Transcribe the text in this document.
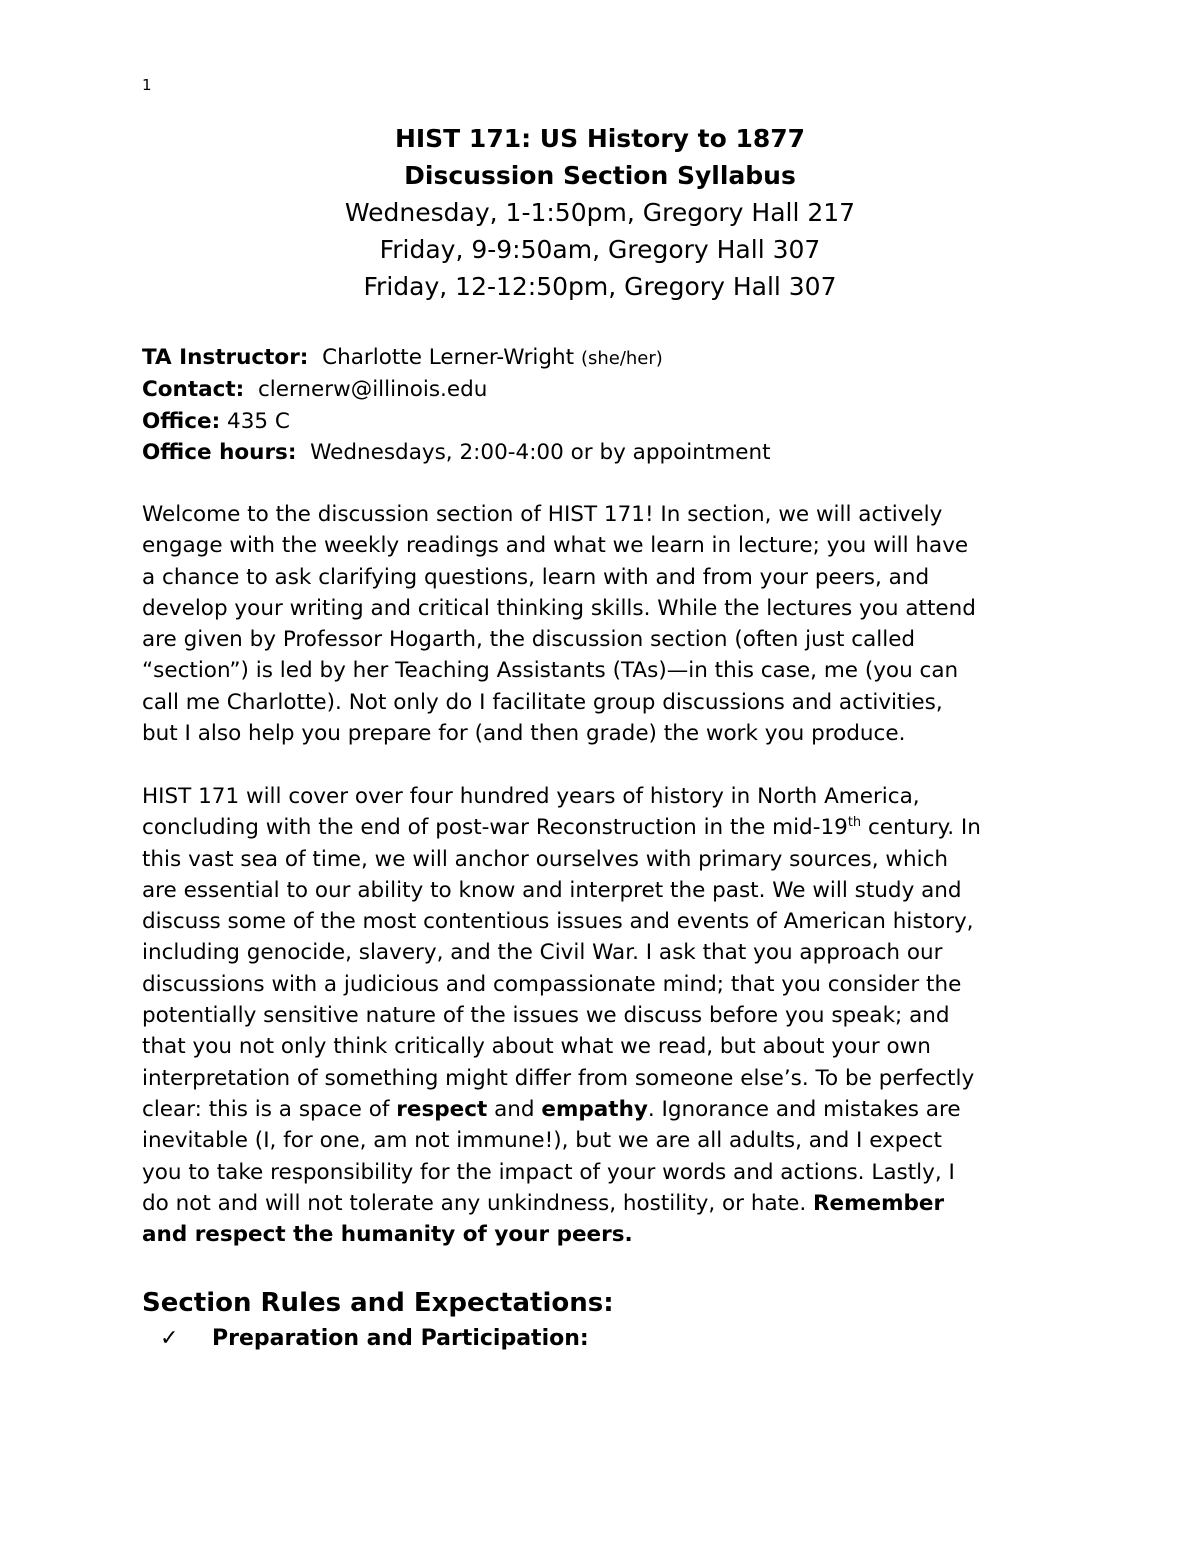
1
HIST 171: US History to 1877
Discussion Section Syllabus
Wednesday, 1-1:50pm, Gregory Hall 217
Friday, 9-9:50am, Gregory Hall 307
Friday, 12-12:50pm, Gregory Hall 307
TA Instructor: Charlotte Lerner-Wright (she/her)
Contact: clernerw@illinois.edu
Office: 435 C
Office hours: Wednesdays, 2:00-4:00 or by appointment
Welcome to the discussion section of HIST 171! In section, we will actively
engage with the weekly readings and what we learn in lecture; you will have
a chance to ask clarifying questions, learn with and from your peers, and
develop your writing and critical thinking skills. While the lectures you attend
are given by Professor Hogarth, the discussion section (often just called
“section”) is led by her Teaching Assistants (TAs)—in this case, me (you can
call me Charlotte). Not only do I facilitate group discussions and activities,
but I also help you prepare for (and then grade) the work you produce.
HIST 171 will cover over four hundred years of history in North America,
concluding with the end of post-war Reconstruction in the mid-19th century. In
this vast sea of time, we will anchor ourselves with primary sources, which
are essential to our ability to know and interpret the past. We will study and
discuss some of the most contentious issues and events of American history,
including genocide, slavery, and the Civil War. I ask that you approach our
discussions with a judicious and compassionate mind; that you consider the
potentially sensitive nature of the issues we discuss before you speak; and
that you not only think critically about what we read, but about your own
interpretation of something might differ from someone else’s. To be perfectly
clear: this is a space of respect and empathy. Ignorance and mistakes are
inevitable (I, for one, am not immune!), but we are all adults, and I expect
you to take responsibility for the impact of your words and actions. Lastly, I
do not and will not tolerate any unkindness, hostility, or hate. Remember
and respect the humanity of your peers.
Section Rules and Expectations:
✓ Preparation and Participation:
